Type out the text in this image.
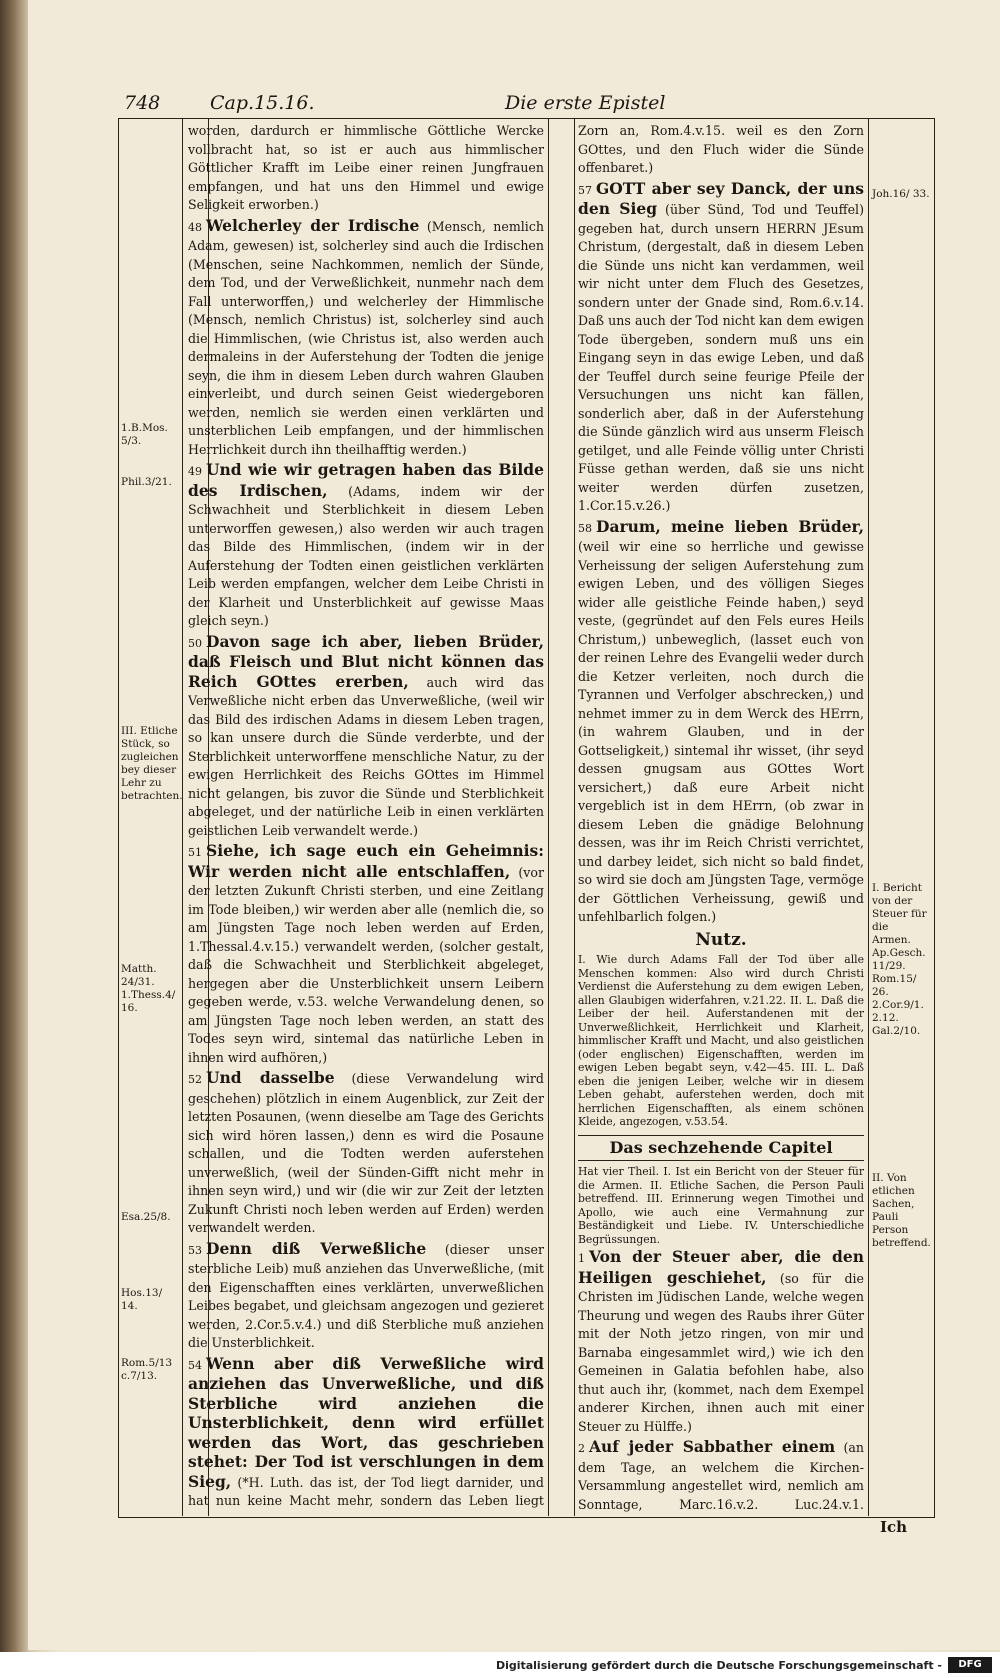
748	Cap.15.16.	Die erste Epistel
1.B.Mos. 5/3.
Phil.3/21.
III. Etliche Stück, so zugleichen bey dieser Lehr zu betrachten.
Matth. 24/31. 1.Thess.4/ 16.
Esa.25/8.
Hos.13/ 14.
Rom.5/13 c.7/13.
Joh.16/ 33.
I. Bericht von der Steuer für die Armen. Ap.Gesch. 11/29. Rom.15/ 26. 2.Cor.9/1. 2.12. Gal.2/10.
II. Von etlichen Sachen, Pauli Person betreffend.

worden, dardurch er himmlische Göttliche Wercke vollbracht hat, so ist er auch aus himmlischer Göttlicher Krafft im Leibe einer reinen Jungfrauen empfangen, und hat uns den Himmel und ewige Seligkeit erworben.)

48 Welcherley der Irdische (Mensch, nemlich Adam, gewesen) ist, solcherley sind auch die Irdischen (Menschen, seine Nachkommen, nemlich der Sünde, dem Tod, und der Verweßlichkeit, nunmehr nach dem Fall unterworffen,) und welcherley der Himmlische (Mensch, nemlich Christus) ist, solcherley sind auch die Himmlischen, (wie Christus ist, also werden auch dermaleins in der Auferstehung der Todten die jenige seyn, die ihm in diesem Leben durch wahren Glauben einverleibt, und durch seinen Geist wiedergeboren werden, nemlich sie werden einen verklärten und unsterblichen Leib empfangen, und der himmlischen Herrlichkeit durch ihn theilhafftig werden.)

49 Und wie wir getragen haben das Bilde des Irdischen, (Adams, indem wir der Schwachheit und Sterblichkeit in diesem Leben unterworffen gewesen,) also werden wir auch tragen das Bilde des Himmlischen, (indem wir in der Auferstehung der Todten einen geistlichen verklärten Leib werden empfangen, welcher dem Leibe Christi in der Klarheit und Unsterblichkeit auf gewisse Maas gleich seyn.)

50 Davon sage ich aber, lieben Brüder, daß Fleisch und Blut nicht können das Reich GOttes ererben, auch wird das Verweßliche nicht erben das Unverweßliche, (weil wir das Bild des irdischen Adams in diesem Leben tragen, so kan unsere durch die Sünde verderbte, und der Sterblichkeit unterworffene menschliche Natur, zu der ewigen Herrlichkeit des Reichs GOttes im Himmel nicht gelangen, bis zuvor die Sünde und Sterblichkeit abgeleget, und der natürliche Leib in einen verklärten geistlichen Leib verwandelt werde.)

51 Siehe, ich sage euch ein Geheimnis: Wir werden nicht alle entschlaffen, (vor der letzten Zukunft Christi sterben, und eine Zeitlang im Tode bleiben,) wir werden aber alle (nemlich die, so am Jüngsten Tage noch leben werden auf Erden, 1.Thessal.4.v.15.) verwandelt werden, (solcher gestalt, daß die Schwachheit und Sterblichkeit abgeleget, hergegen aber die Unsterblichkeit unsern Leibern gegeben werde, v.53. welche Verwandelung denen, so am Jüngsten Tage noch leben werden, an statt des Todes seyn wird, sintemal das natürliche Leben in ihnen wird aufhören,)

52 Und dasselbe (diese Verwandelung wird geschehen) plötzlich in einem Augenblick, zur Zeit der letzten Posaunen, (wenn dieselbe am Tage des Gerichts sich wird hören lassen,) denn es wird die Posaune schallen, und die Todten werden auferstehen unverweßlich, (weil der Sünden-Gifft nicht mehr in ihnen seyn wird,) und wir (die wir zur Zeit der letzten Zukunft Christi noch leben werden auf Erden) werden verwandelt werden.

53 Denn diß Verweßliche (dieser unser sterbliche Leib) muß anziehen das Unverweßliche, (mit den Eigenschafften eines verklärten, unverweßlichen Leibes begabet, und gleichsam angezogen und gezieret werden, 2.Cor.5.v.4.) und diß Sterbliche muß anziehen die Unsterblichkeit.

54 Wenn aber diß Verweßliche wird anziehen das Unverweßliche, und diß Sterbliche wird anziehen die Unsterblichkeit, denn wird erfüllet werden das Wort, das geschrieben stehet: Der Tod ist verschlungen in dem Sieg, (*H. Luth. das ist, der Tod liegt darnider, und hat nun keine Macht mehr, sondern das Leben liegt

Zorn an, Rom.4.v.15. weil es den Zorn GOttes, und den Fluch wider die Sünde offenbaret.)

57 GOTT aber sey Danck, der uns den Sieg (über Sünd, Tod und Teuffel) gegeben hat, durch unsern HERRN JEsum Christum, (dergestalt, daß in diesem Leben die Sünde uns nicht kan verdammen, weil wir nicht unter dem Fluch des Gesetzes, sondern unter der Gnade sind, Rom.6.v.14. Daß uns auch der Tod nicht kan dem ewigen Tode übergeben, sondern muß uns ein Eingang seyn in das ewige Leben, und daß der Teuffel durch seine feurige Pfeile der Versuchungen uns nicht kan fällen, sonderlich aber, daß in der Auferstehung die Sünde gänzlich wird aus unserm Fleisch getilget, und alle Feinde völlig unter Christi Füsse gethan werden, daß sie uns nicht weiter werden dürfen zusetzen, 1.Cor.15.v.26.)

58 Darum, meine lieben Brüder, (weil wir eine so herrliche und gewisse Verheissung der seligen Auferstehung zum ewigen Leben, und des völligen Sieges wider alle geistliche Feinde haben,) seyd veste, (gegründet auf den Fels eures Heils Christum,) unbeweglich, (lasset euch von der reinen Lehre des Evangelii weder durch die Ketzer verleiten, noch durch die Tyrannen und Verfolger abschrecken,) und nehmet immer zu in dem Werck des HErrn, (in wahrem Glauben, und in der Gottseligkeit,) sintemal ihr wisset, (ihr seyd dessen gnugsam aus GOttes Wort versichert,) daß eure Arbeit nicht vergeblich ist in dem HErrn, (ob zwar in diesem Leben die gnädige Belohnung dessen, was ihr im Reich Christi verrichtet, und darbey leidet, sich nicht so bald findet, so wird sie doch am Jüngsten Tage, vermöge der Göttlichen Verheissung, gewiß und unfehlbarlich folgen.)

Nutz.

I. Wie durch Adams Fall der Tod über alle Menschen kommen: Also wird durch Christi Verdienst die Auferstehung zu dem ewigen Leben, allen Glaubigen widerfahren, v.21.22. II. L. Daß die Leiber der heil. Auferstandenen mit der Unverweßlichkeit, Herrlichkeit und Klarheit, himmlischer Krafft und Macht, und also geistlichen (oder englischen) Eigenschafften, werden im ewigen Leben begabt seyn, v.42—45. III. L. Daß eben die jenigen Leiber, welche wir in diesem Leben gehabt, auferstehen werden, doch mit herrlichen Eigenschafften, als einem schönen Kleide, angezogen, v.53.54.

Das sechzehende Capitel

Hat vier Theil. I. Ist ein Bericht von der Steuer für die Armen. II. Etliche Sachen, die Person Pauli betreffend. III. Erinnerung wegen Timothei und Apollo, wie auch eine Vermahnung zur Beständigkeit und Liebe. IV. Unterschiedliche Begrüssungen.

1 Von der Steuer aber, die den Heiligen geschiehet, (so für die Christen im Jüdischen Lande, welche wegen Theurung und wegen des Raubs ihrer Güter mit der Noth jetzo ringen, von mir und Barnaba eingesammlet wird,) wie ich den Gemeinen in Galatia befohlen habe, also thut auch ihr, (kommet, nach dem Exempel anderer Kirchen, ihnen auch mit einer Steuer zu Hülffe.)

2 Auf jeder Sabbather einem (an dem Tage, an welchem die Kirchen-Versammlung angestellet wird, nemlich am Sonntage, Marc.16.v.2. Luc.24.v.1.

Ich
Digitalisierung gefördert durch die Deutsche Forschungsgemeinschaft -	DFG
